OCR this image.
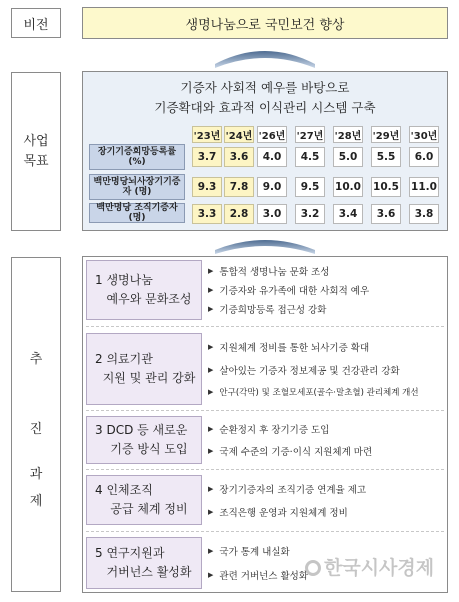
비전	생명나눔으로 국민보건 향상
사업
목표
기증자 사회적 예우를 바탕으로
기증확대와 효과적 이식관리 시스템 구축
'23년 '24년 '26년 '27년 '28년 '29년 '30년
장기기증희망등록률 (%)	3.7	3.6	4.0	4.5	5.0	5.5	6.0
백만명당뇌사장기기증자 (명)	9.3	7.8	9.0	9.5	10.0 10.5 11.0
백만명당 조직기증자(명)	3.3	2.8	3.0	3.2	3.4	3.6	3.8
추
진
과
제
1 생명나눔
예우와 문화조성
▶ 통합적 생명나눔 문화 조성
▶ 기증자와 유가족에 대한 사회적 예우
▶ 기증희망등록 접근성 강화
2 의료기관
지원 및 관리 강화
▶ 지원체계 정비를 통한 뇌사기증 확대
▶ 살아있는 기증자 정보제공 및 건강관리 강화
▶ 안구(각막) 및 조혈모세포(골수·말초혈) 관리체계 개선
3 DCD 등 새로운
기증 방식 도입
▶ 순환정지 후 장기기증 도입
▶ 국제 수준의 기증·이식 지원체계 마련
4 인체조직
공급 체계 정비
▶ 장기기증자의 조직기증 연계율 제고
▶ 조직은행 운영과 지원체계 정비
5 연구지원과
거버넌스 활성화
▶ 국가 통계 내실화
▶ 관련 거버넌스 활성화 한국시사경제
